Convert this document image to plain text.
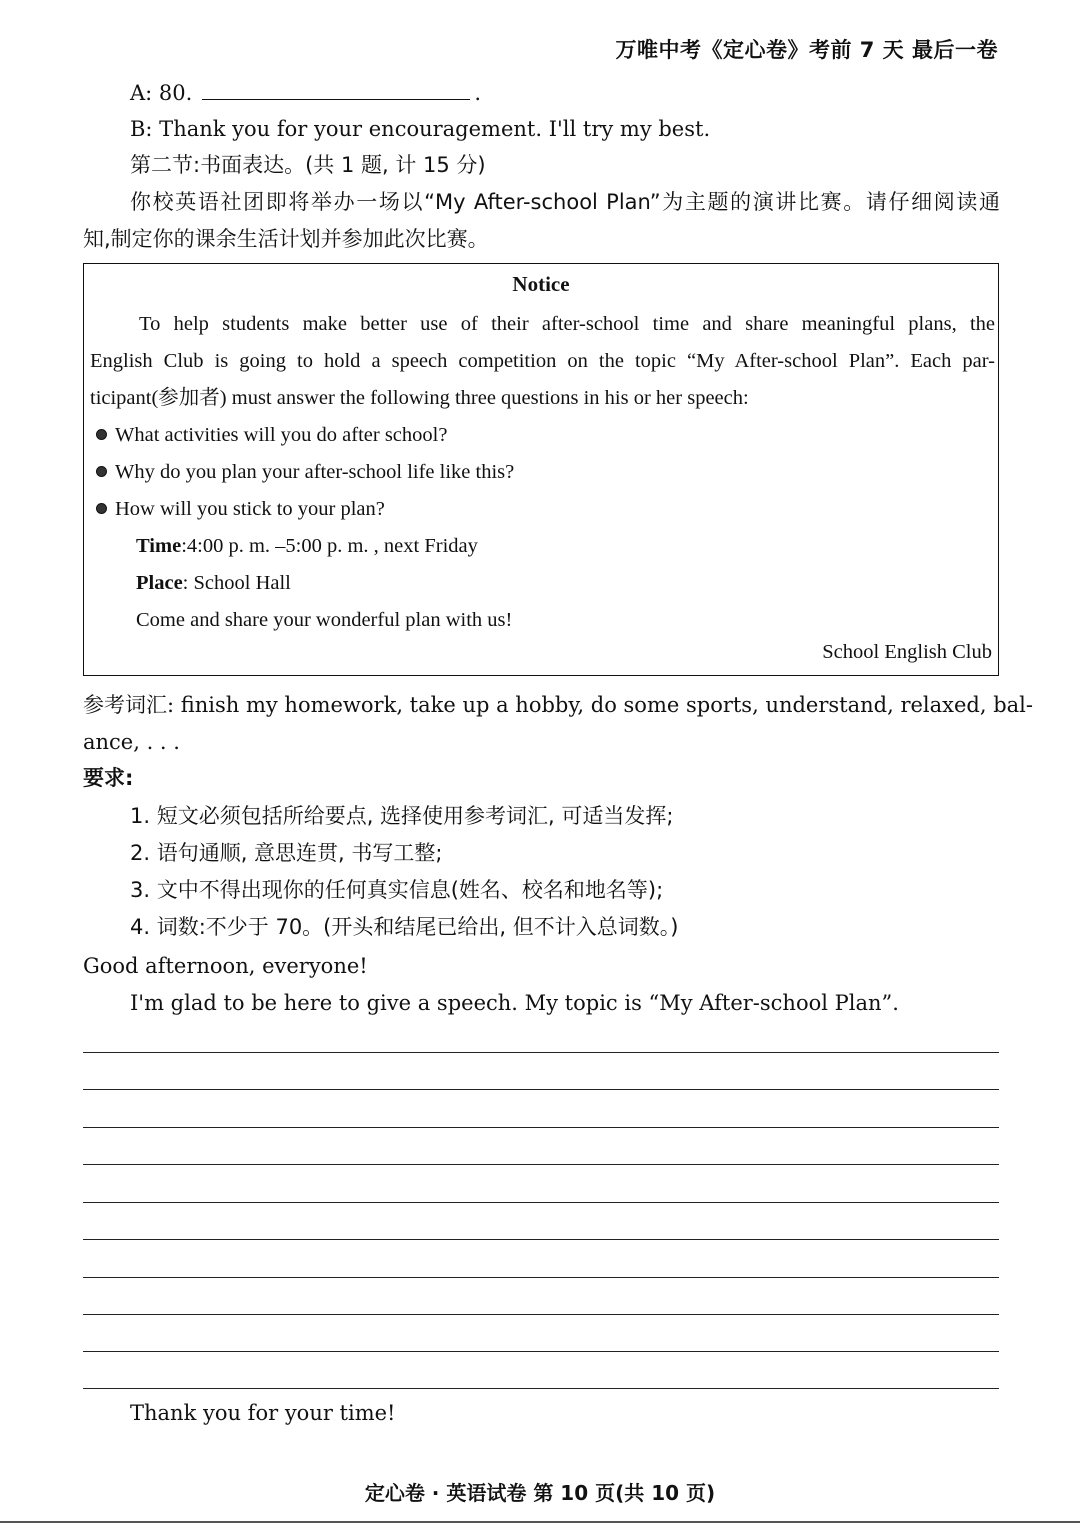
万唯中考《定心卷》考前 7 天 最后一卷
A: 80.	.
B: Thank you for your encouragement. I'll try my best.
第二节:书面表达。(共 1 题, 计 15 分)
你校英语社团即将举办一场以“My After-school Plan”为主题的演讲比赛。请仔细阅读通
知,制定你的课余生活计划并参加此次比赛。
Notice
To help students make better use of their after-school time and share meaningful plans, the
English Club is going to hold a speech competition on the topic “My After-school Plan”. Each par-
ticipant(参加者) must answer the following three questions in his or her speech:
What activities will you do after school?
Why do you plan your after-school life like this?
How will you stick to your plan?
Time:4:00 p. m. –5:00 p. m. , next Friday
Place: School Hall
Come and share your wonderful plan with us!
School English Club
参考词汇: finish my homework, take up a hobby, do some sports, understand, relaxed, bal-
ance, . . .
要求:
1. 短文必须包括所给要点, 选择使用参考词汇, 可适当发挥;
2. 语句通顺, 意思连贯, 书写工整;
3. 文中不得出现你的任何真实信息(姓名、校名和地名等);
4. 词数:不少于 70。(开头和结尾已给出, 但不计入总词数。)
Good afternoon, everyone!
I'm glad to be here to give a speech. My topic is “My After-school Plan”.
Thank you for your time!
定心卷 · 英语试卷 第 10 页(共 10 页)
